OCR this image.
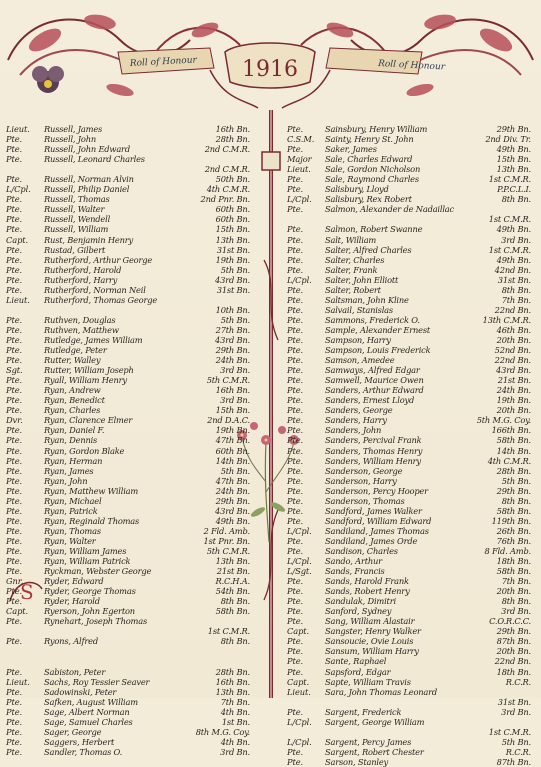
Roll of Honour	Roll of Honour
1916
S
Lieut.	Russell, James	16th Bn.
Pte.	Russell, John	28th Bn.
Pte.	Russell, John Edward	2nd C.M.R.
Pte.	Russell, Leonard Charles
2nd C.M.R.
Pte.	Russell, Norman Alvin	50th Bn.
L/Cpl.	Russell, Philip Daniel	4th C.M.R.
Pte.	Russell, Thomas	2nd Pnr. Bn.
Pte.	Russell, Walter	60th Bn.
Pte.	Russell, Wendell	60th Bn.
Pte.	Russell, William	15th Bn.
Capt.	Rust, Benjamin Henry	13th Bn.
Pte.	Rustad, Gilbert	31st Bn.
Pte.	Rutherford, Arthur George	19th Bn.
Pte.	Rutherford, Harold	5th Bn.
Pte.	Rutherford, Harry	43rd Bn.
Pte.	Rutherford, Norman Neil	31st Bn.
Lieut.	Rutherford, Thomas George
10th Bn.
Pte.	Ruthven, Douglas	5th Bn.
Pte.	Ruthven, Matthew	27th Bn.
Pte.	Rutledge, James William	43rd Bn.
Pte.	Rutledge, Peter	29th Bn.
Pte.	Rutter, Walley	24th Bn.
Sgt.	Rutter, William Joseph	3rd Bn.
Pte.	Ryall, William Henry	5th C.M.R.
Pte.	Ryan, Andrew	16th Bn.
Pte.	Ryan, Benedict	3rd Bn.
Pte.	Ryan, Charles	15th Bn.
Dvr.	Ryan, Clarence Elmer	2nd D.A.C.
Pte.	Ryan, Daniel F.	19th Bn.
Pte.	Ryan, Dennis	47th Bn.
Pte.	Ryan, Gordon Blake	60th Bn.
Pte.	Ryan, Herman	14th Bn.
Pte.	Ryan, James	5th Bn.
Pte.	Ryan, John	47th Bn.
Pte.	Ryan, Matthew William	24th Bn.
Pte.	Ryan, Michael	29th Bn.
Pte.	Ryan, Patrick	43rd Bn.
Pte.	Ryan, Reginald Thomas	49th Bn.
Pte.	Ryan, Thomas	2 Fld. Amb.
Pte.	Ryan, Walter	1st Pnr. Bn.
Pte.	Ryan, William James	5th C.M.R.
Pte.	Ryan, William Patrick	13th Bn.
Pte.	Ryckman, Webster George	21st Bn.
Gnr.	Ryder, Edward	R.C.H.A.
Pte.	Ryder, George Thomas	54th Bn.
Pte.	Ryder, Harold	8th Bn.
Capt.	Ryerson, John Egerton	58th Bn.
Pte.	Rynehart, Joseph Thomas
1st C.M.R.
Pte.	Ryons, Alfred	8th Bn.
Pte.	Sabiston, Peter	28th Bn.
Lieut.	Sachs, Roy Tessier Seaver	16th Bn.
Pte.	Sadowinski, Peter	13th Bn.
Pte.	Safken, August William	7th Bn.
Pte.	Sage, Albert Norman	4th Bn.
Pte.	Sage, Samuel Charles	1st Bn.
Pte.	Sager, George	8th M.G. Coy.
Pte.	Saggers, Herbert	4th Bn.
Pte.	Sandler, Thomas O.	3rd Bn.
Pte.	Sainsbury, Henry William	29th Bn.
C.S.M.	Sainty, Henry St. John	2nd Div. Tr.
Pte.	Saker, James	49th Bn.
Major	Sale, Charles Edward	15th Bn.
Lieut.	Sale, Gordon Nicholson	13th Bn.
Pte.	Sale, Raymond Charles	1st C.M.R.
Pte.	Salisbury, Lloyd	P.P.C.L.I.
L/Cpl.	Salisbury, Rex Robert	8th Bn.
Pte.	Salmon, Alexander de Nadaillac
1st C.M.R.
Pte.	Salmon, Robert Swanne	49th Bn.
Pte.	Salt, William	3rd Bn.
Pte.	Salter, Alfred Charles	1st C.M.R.
Pte.	Salter, Charles	49th Bn.
Pte.	Salter, Frank	42nd Bn.
L/Cpl.	Salter, John Elliott	31st Bn.
Pte.	Salter, Robert	8th Bn.
Pte.	Saltsman, John Kline	7th Bn.
Pte.	Salvail, Stanislas	22nd Bn.
Pte.	Sammons, Frederick O.	13th C.M.R.
Pte.	Sample, Alexander Ernest	46th Bn.
Pte.	Sampson, Harry	20th Bn.
Pte.	Sampson, Louis Frederick	52nd Bn.
Pte.	Samson, Amedee	22nd Bn.
Pte.	Samways, Alfred Edgar	43rd Bn.
Pte.	Samwell, Maurice Owen	21st Bn.
Pte.	Sanders, Arthur Edward	24th Bn.
Pte.	Sanders, Ernest Lloyd	19th Bn.
Pte.	Sanders, George	20th Bn.
Pte.	Sanders, Harry	5th M.G. Coy.
Pte.	Sanders, John	166th Bn.
Pte.	Sanders, Percival Frank	58th Bn.
Pte.	Sanders, Thomas Henry	14th Bn.
Pte.	Sanders, William Henry	4th C.M.R.
Pte.	Sanderson, George	28th Bn.
Pte.	Sanderson, Harry	5th Bn.
Pte.	Sanderson, Percy Hooper	29th Bn.
Pte.	Sanderson, Thomas	8th Bn.
Pte.	Sandford, James Walker	58th Bn.
Pte.	Sandford, William Edward	119th Bn.
L/Cpl.	Sandiland, James Thomas	26th Bn.
Pte.	Sandiland, James Orde	76th Bn.
Pte.	Sandison, Charles	8 Fld. Amb.
L/Cpl.	Sando, Arthur	18th Bn.
L/Sgt.	Sands, Francis	58th Bn.
Pte.	Sands, Harold Frank	7th Bn.
Pte.	Sands, Robert Henry	20th Bn.
Pte.	Sandulak, Dimitri	8th Bn.
Pte.	Sanford, Sydney	3rd Bn.
Pte.	Sang, William Alastair	C.O.R.C.C.
Capt.	Sangster, Henry Walker	29th Bn.
Pte.	Sansoucie, Ovie Louis	87th Bn.
Pte.	Sansum, William Harry	20th Bn.
Pte.	Sante, Raphael	22nd Bn.
Pte.	Sapsford, Edgar	18th Bn.
Capt.	Sapte, William Travis	R.C.R.
Lieut.	Sara, John Thomas Leonard
31st Bn.
Pte.	Sargent, Frederick	3rd Bn.
L/Cpl.	Sargent, George William
1st C.M.R.
L/Cpl.	Sargent, Percy James	5th Bn.
Pte.	Sargent, Robert Chester	R.C.R.
Pte.	Sarson, Stanley	87th Bn.
